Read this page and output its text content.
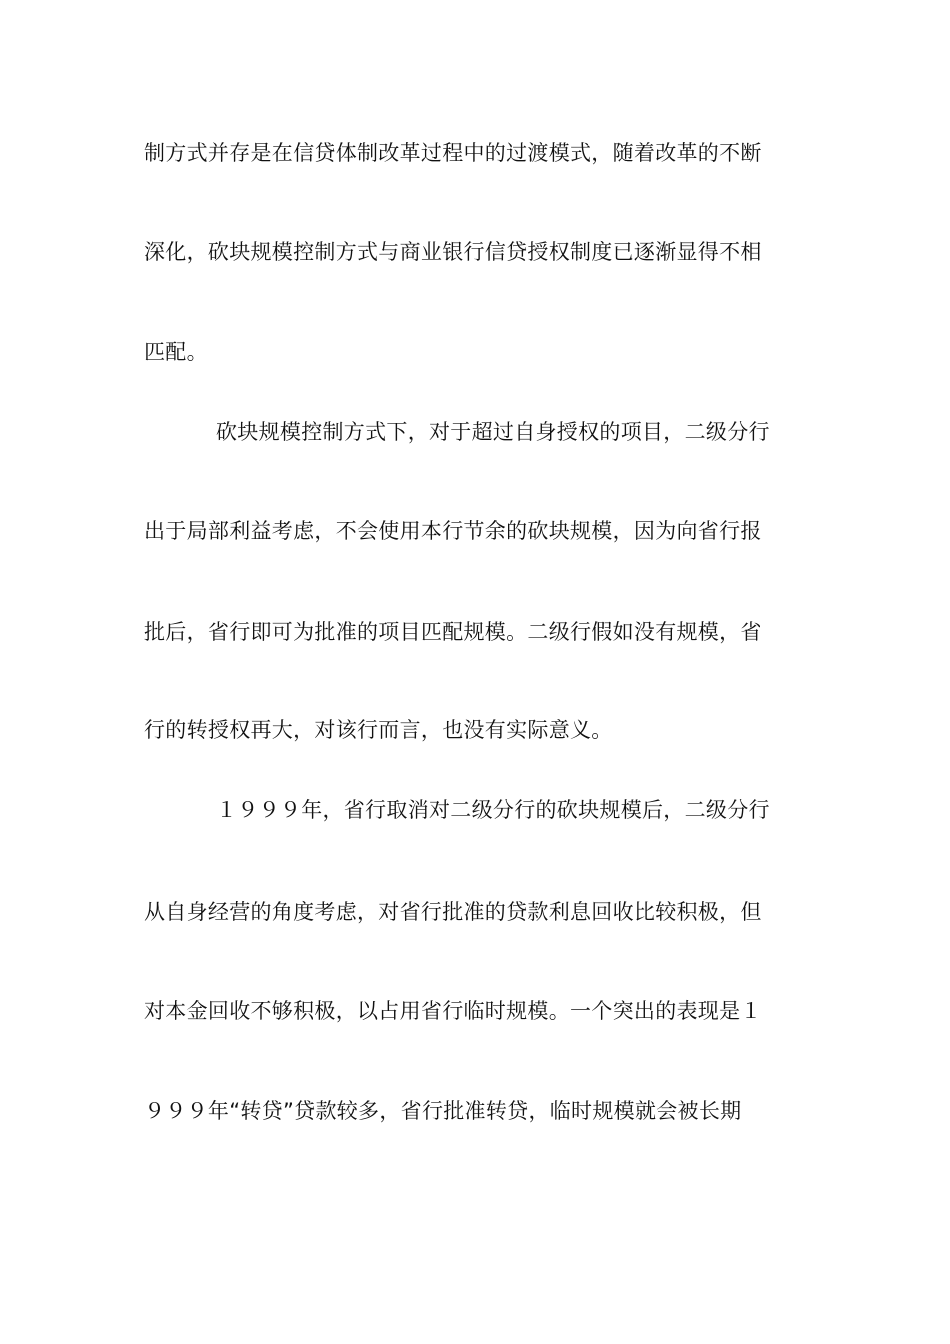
制方式并存是在信贷体制改革过程中的过渡模式，随着改革的不断
深化，砍块规模控制方式与商业银行信贷授权制度已逐渐显得不相
匹配。
砍块规模控制方式下，对于超过自身授权的项目，二级分行
出于局部利益考虑，不会使用本行节余的砍块规模，因为向省行报
批后，省行即可为批准的项目匹配规模。二级行假如没有规模，省
行的转授权再大，对该行而言，也没有实际意义。
１９９９年，省行取消对二级分行的砍块规模后，二级分行
从自身经营的角度考虑，对省行批准的贷款利息回收比较积极，但
对本金回收不够积极，以占用省行临时规模。一个突出的表现是１
９９９年“转贷”贷款较多，省行批准转贷，临时规模就会被长期
